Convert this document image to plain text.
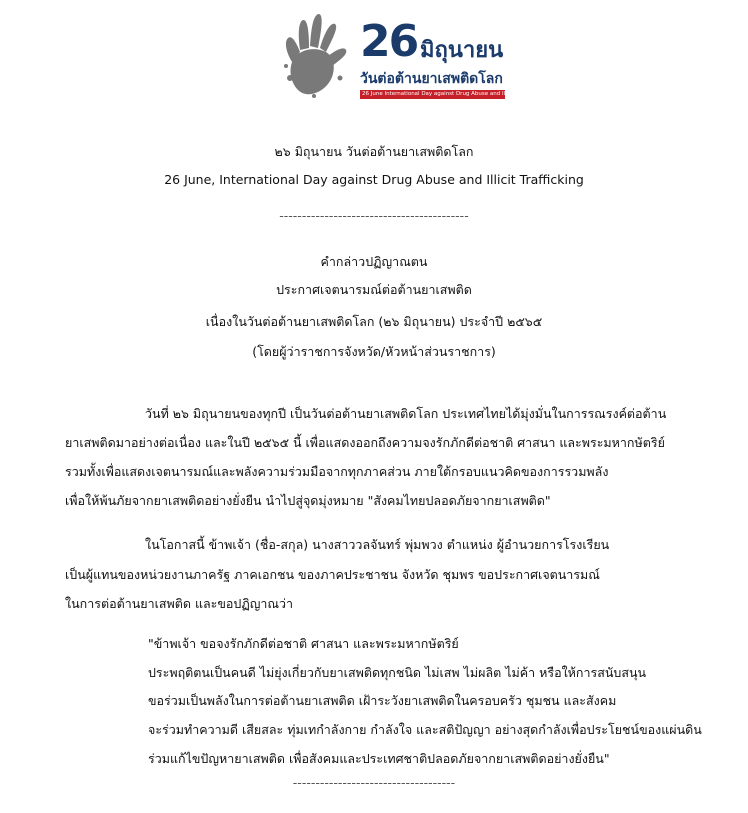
26 มิถุนายน
วันต่อต้านยาเสพติดโลก
26 June International Day against Drug Abuse and Illicit Trafficking
๒๖ มิถุนายน วันต่อต้านยาเสพติดโลก
26 June, International Day against Drug Abuse and Illicit Trafficking
------------------------------------------
คำกล่าวปฏิญาณตน
ประกาศเจตนารมณ์ต่อต้านยาเสพติด
เนื่องในวันต่อต้านยาเสพติดโลก (๒๖ มิถุนายน) ประจำปี ๒๕๖๕
(โดยผู้ว่าราชการจังหวัด/หัวหน้าส่วนราชการ)
วันที่ ๒๖ มิถุนายนของทุกปี เป็นวันต่อต้านยาเสพติดโลก ประเทศไทยได้มุ่งมั่นในการรณรงค์ต่อต้าน
ยาเสพติดมาอย่างต่อเนื่อง และในปี ๒๕๖๕ นี้ เพื่อแสดงออกถึงความจงรักภักดีต่อชาติ ศาสนา และพระมหากษัตริย์
รวมทั้งเพื่อแสดงเจตนารมณ์และพลังความร่วมมือจากทุกภาคส่วน ภายใต้กรอบแนวคิดของการรวมพลัง
เพื่อให้พ้นภัยจากยาเสพติดอย่างยั่งยืน นำไปสู่จุดมุ่งหมาย "สังคมไทยปลอดภัยจากยาเสพติด"
ในโอกาสนี้ ข้าพเจ้า (ชื่อ-สกุล) นางสาววลจันทร์ พุ่มพวง ตำแหน่ง ผู้อำนวยการโรงเรียน
เป็นผู้แทนของหน่วยงานภาครัฐ ภาคเอกชน ของภาคประชาชน จังหวัด ชุมพร ขอประกาศเจตนารมณ์
ในการต่อต้านยาเสพติด และขอปฏิญาณว่า
"ข้าพเจ้า ขอจงรักภักดีต่อชาติ ศาสนา และพระมหากษัตริย์
ประพฤติตนเป็นคนดี ไม่ยุ่งเกี่ยวกับยาเสพติดทุกชนิด ไม่เสพ ไม่ผลิต ไม่ค้า หรือให้การสนับสนุน
ขอร่วมเป็นพลังในการต่อต้านยาเสพติด เฝ้าระวังยาเสพติดในครอบครัว ชุมชน และสังคม
จะร่วมทำความดี เสียสละ ทุ่มเทกำลังกาย กำลังใจ และสติปัญญา อย่างสุดกำลังเพื่อประโยชน์ของแผ่นดิน
ร่วมแก้ไขปัญหายาเสพติด เพื่อสังคมและประเทศชาติปลอดภัยจากยาเสพติดอย่างยั่งยืน"
------------------------------------
